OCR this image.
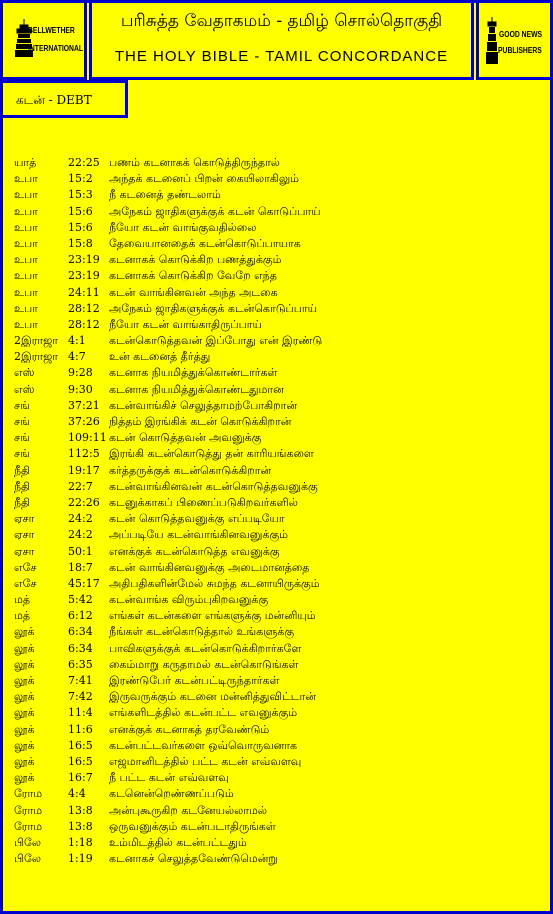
BELLWETHER
INTERNATIONAL
பரிசுத்த வேதாகமம் - தமிழ் சொல்தொகுதி
THE HOLY BIBLE - TAMIL CONCORDANCE
GOOD NEWS
PUBLISHERS
கடன் - DEBT
யாத்	22:25 பணம் கடனாகக் கொடுத்திருந்தால்
உபா	15:2 அந்தக் கடனைப் பிறன் கையிலாகிலும்
உபா	15:3 நீ கடனைத் தண்டலாம்
உபா	15:6 அநேகம் ஜாதிகளுக்குக் கடன் கொடுப்பாய்
உபா	15:6 நீயோ கடன் வாங்குவதில்லை
உபா	15:8 தேவையானதைக் கடன்கொடுப்பாயாக
உபா	23:19 கடனாகக் கொடுக்கிற பணத்துக்கும்
உபா	23:19 கடனாகக் கொடுக்கிற வேறே எந்த
உபா	24:11 கடன் வாங்கினவன் அந்த அடகை
உபா	28:12 அநேகம் ஜாதிகளுக்குக் கடன்கொடுப்பாய்
உபா	28:12 நீயோ கடன் வாங்காதிருப்பாய்
2இராஜா 4:1 கடன்கொடுத்தவன் இப்போது என் இரண்டு
2இராஜா 4:7 உன் கடனைத் தீர்த்து
எஸ்	9:28 கடனாக நியமித்துக்கொண்டார்கள்
எஸ்	9:30 கடனாக நியமித்துக்கொண்டதுமான
சங்	37:21 கடன்வாங்கிச் செலுத்தாமற்போகிறான்
சங்	37:26 நித்தம் இரங்கிக் கடன் கொடுக்கிறான்
சங்	109:11 கடன் கொடுத்தவன் அவனுக்கு
சங்	112:5 இரங்கி கடன்கொடுத்து தன் காரியங்களை
நீதி	19:17 கர்த்தருக்குக் கடன்கொடுக்கிறான்
நீதி	22:7 கடன்வாங்கினவன் கடன்கொடுத்தவனுக்கு
நீதி	22:26 கடனுக்காகப் பிணைப்படுகிறவர்களில்
ஏசா	24:2 கடன் கொடுத்தவனுக்கு எப்படியோ
ஏசா	24:2 அப்படியே கடன்வாங்கினவனுக்கும்
ஏசா	50:1 எனக்குக் கடன்கொடுத்த எவனுக்கு
எசே	18:7 கடன் வாங்கினவனுக்கு அடைமானத்தை
எசே	45:17 அதிபதிகளின்மேல் சுமந்த கடனாயிருக்கும்
மத்	5:42 கடன்வாங்க விரும்புகிறவனுக்கு
மத்	6:12 எங்கள் கடன்களை எங்களுக்கு மன்னியும்
லூக்	6:34 நீங்கள் கடன்கொடுத்தால் உங்களுக்கு
லூக்	6:34 பாவிகளுக்குக் கடன்கொடுக்கிறார்களே
லூக்	6:35 கைம்மாறு கருதாமல் கடன்கொடுங்கள்
லூக்	7:41 இரண்டுபேர் கடன்பட்டிருந்தார்கள்
லூக்	7:42 இருவருக்கும் கடனை மன்னித்துவிட்டான்
லூக்	11:4 எங்களிடத்தில் கடன்பட்ட எவனுக்கும்
லூக்	11:6 எனக்குக் கடனாகத் தரவேண்டும்
லூக்	16:5 கடன்பட்டவர்களை ஒவ்வொருவனாக
லூக்	16:5 எஜமானிடத்தில் பட்ட கடன் எவ்வளவு
லூக்	16:7 நீ பட்ட கடன் எவ்வளவு
ரோம 4:4 கடனென்றெண்ணப்படும்
ரோம 13:8 அன்புகூருகிற கடனேயல்லாமல்
ரோம 13:8 ஒருவனுக்கும் கடன்படாதிருங்கள்
பிலே 1:18 உம்மிடத்தில் கடன்பட்டதும்
பிலே 1:19 கடனாகச் செலுத்தவேண்டுமென்று
